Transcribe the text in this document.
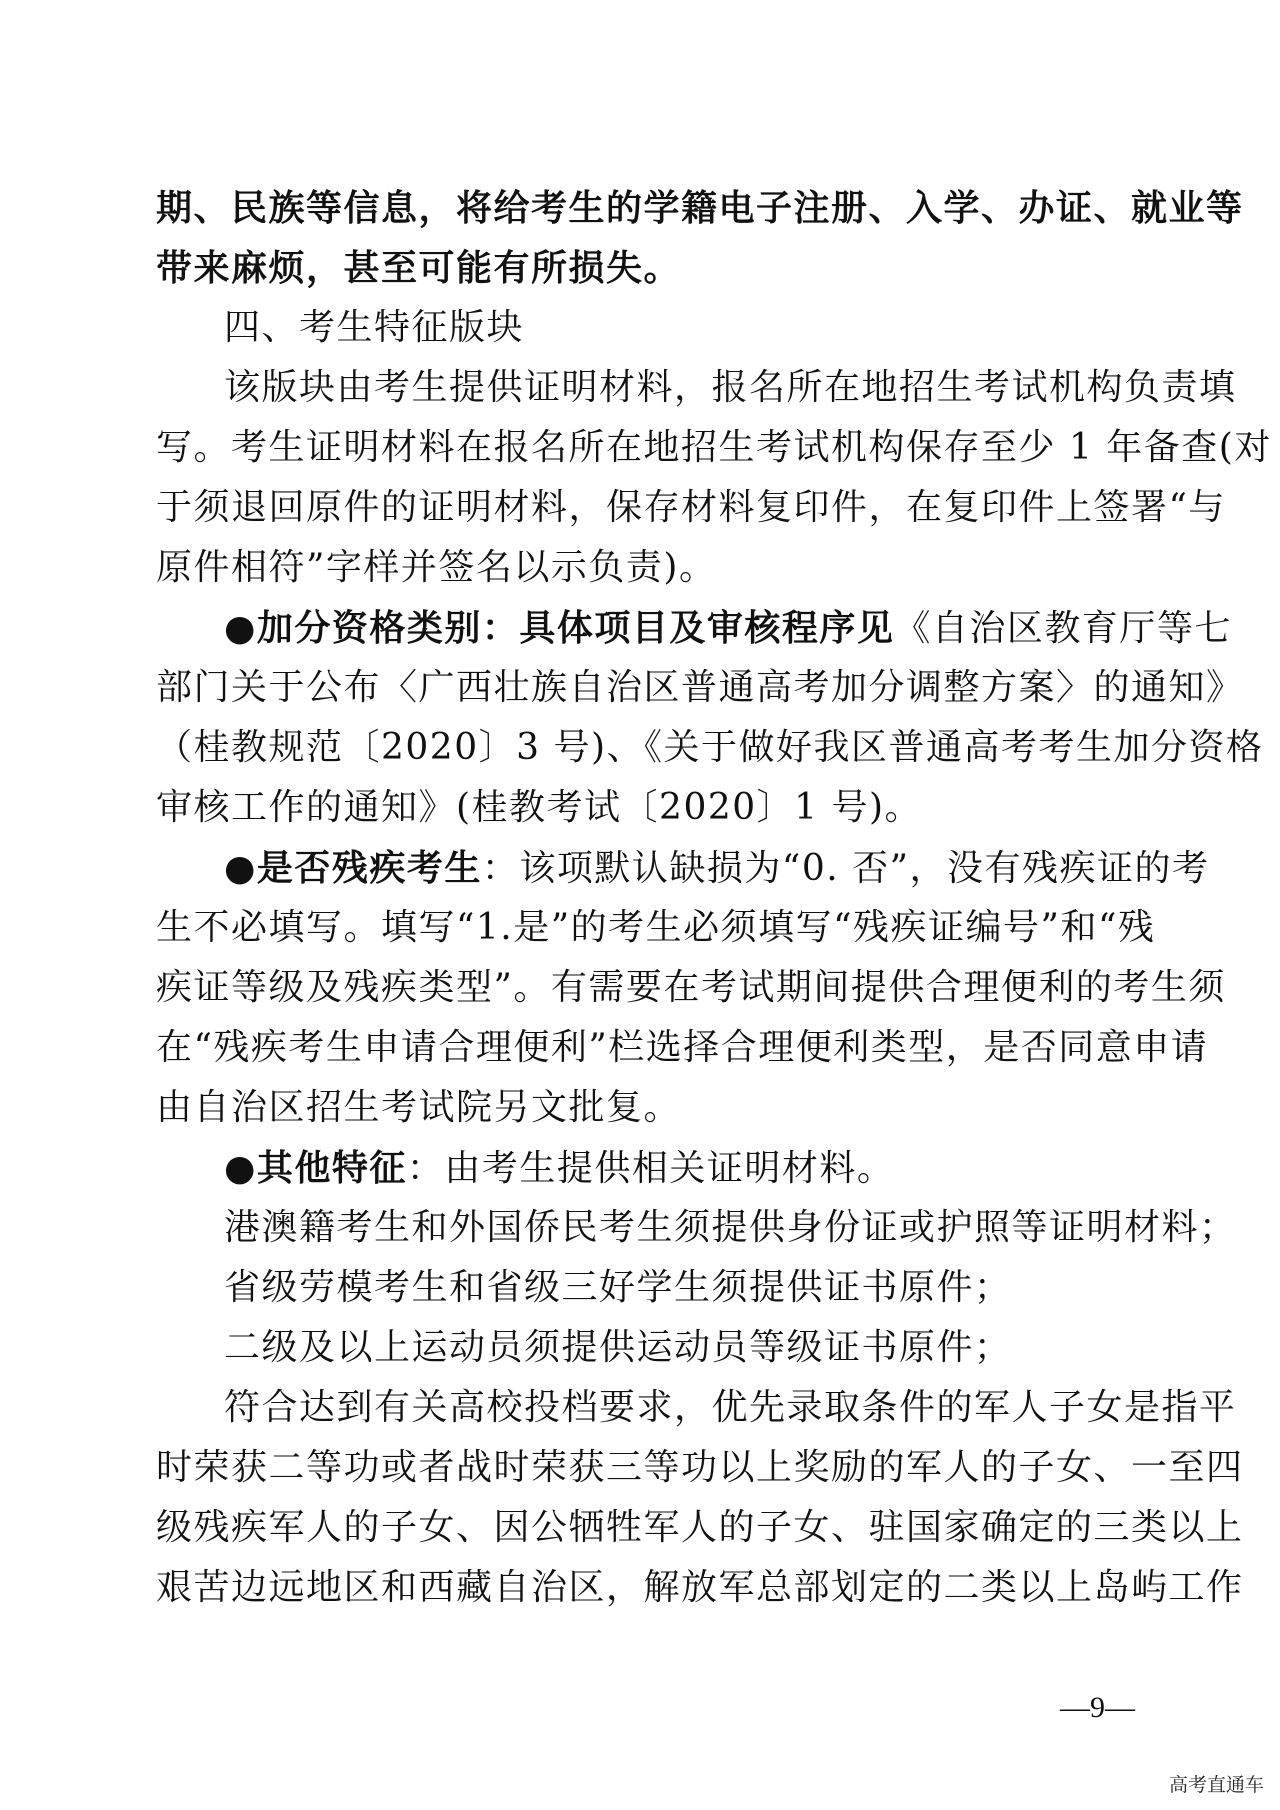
期、民族等信息，将给考生的学籍电子注册、入学、办证、就业等
带来麻烦，甚至可能有所损失。
四、考生特征版块
该版块由考生提供证明材料，报名所在地招生考试机构负责填
写。考生证明材料在报名所在地招生考试机构保存至少 1 年备查(对
于须退回原件的证明材料，保存材料复印件，在复印件上签署“与
原件相符”字样并签名以示负责)。
●加分资格类别：具体项目及审核程序见《自治区教育厅等七
部门关于公布〈广西壮族自治区普通高考加分调整方案〉的通知》
（桂教规范〔2020〕3 号)、《关于做好我区普通高考考生加分资格
审核工作的通知》(桂教考试〔2020〕1 号)。
●是否残疾考生：该项默认缺损为“0. 否”，没有残疾证的考
生不必填写。填写“1.是”的考生必须填写“残疾证编号”和“残
疾证等级及残疾类型”。有需要在考试期间提供合理便利的考生须
在“残疾考生申请合理便利”栏选择合理便利类型，是否同意申请
由自治区招生考试院另文批复。
●其他特征：由考生提供相关证明材料。
港澳籍考生和外国侨民考生须提供身份证或护照等证明材料；
省级劳模考生和省级三好学生须提供证书原件；
二级及以上运动员须提供运动员等级证书原件；
符合达到有关高校投档要求，优先录取条件的军人子女是指平
时荣获二等功或者战时荣获三等功以上奖励的军人的子女、一至四
级残疾军人的子女、因公牺牲军人的子女、驻国家确定的三类以上
艰苦边远地区和西藏自治区，解放军总部划定的二类以上岛屿工作
—9—
高考直通车
